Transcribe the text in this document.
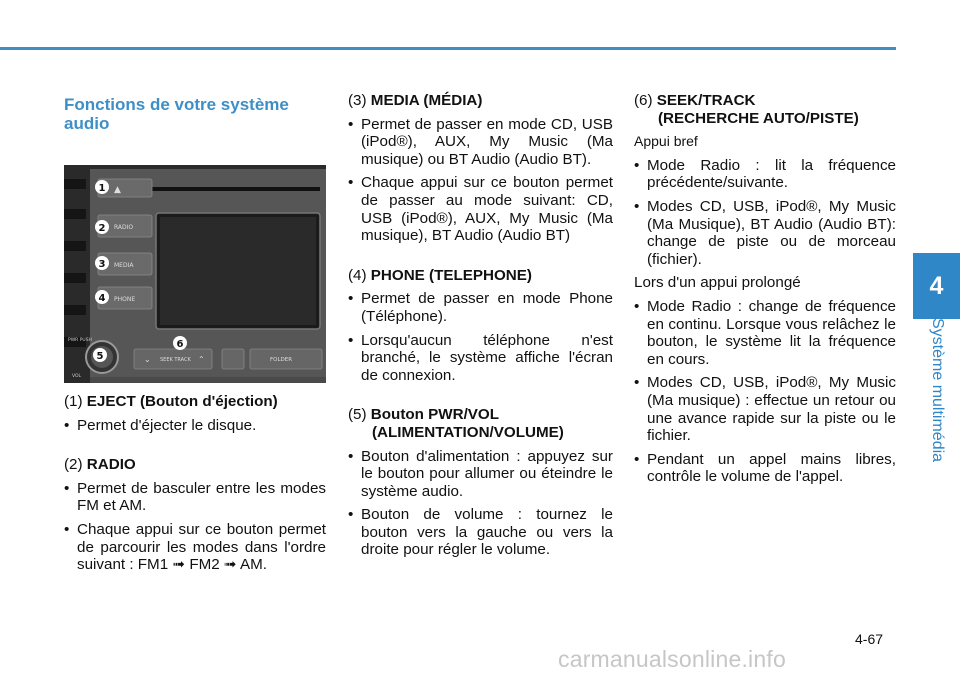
4
Système multimédia
Fonctions de votre système audio
▲
RADIO
MEDIA
PHONE
⌄	⌃
SEEK TRACK	FOLDER
PWR PUSH
VOL
1
2
3
4
5
6

(1) EJECT (Bouton d'éjection)

• Permet d'éjecter le disque.

(2) RADIO

• Permet de basculer entre les modes FM et AM.
• Chaque appui sur ce bouton permet de parcourir les modes dans l'ordre suivant : FM1 ➟ FM2 ➟ AM.

(3) MEDIA (MÉDIA)

• Permet de passer en mode CD, USB (iPod®), AUX, My Music (Ma musique) ou BT Audio (Audio BT).
• Chaque appui sur ce bouton permet de passer au mode suivant: CD, USB (iPod®), AUX, My Music (Ma musique), BT Audio (Audio BT)

(4) PHONE (TELEPHONE)

• Permet de passer en mode Phone (Téléphone).
• Lorsqu'aucun téléphone n'est branché, le système affiche l'écran de connexion.

(5) Bouton PWR/VOL

(ALIMENTATION/VOLUME)

• Bouton d'alimentation : appuyez sur le bouton pour allumer ou éteindre le système audio.
• Bouton de volume : tournez le bouton vers la gauche ou vers la droite pour régler le volume.

(6) SEEK/TRACK

(RECHERCHE AUTO/PISTE)

Appui bref

• Mode Radio : lit la fréquence précédente/suivante.
• Modes CD, USB, iPod®, My Music (Ma Musique), BT Audio (Audio BT): change de piste ou de morceau (fichier).

Lors d'un appui prolongé

• Mode Radio : change de fréquence en continu. Lorsque vous relâchez le bouton, le système lit la fréquence en cours.
• Modes CD, USB, iPod®, My Music (Ma musique) : effectue un retour ou une avance rapide sur la piste ou le fichier.
• Pendant un appel mains libres, contrôle le volume de l'appel.
4-67
carmanualsonline.info
